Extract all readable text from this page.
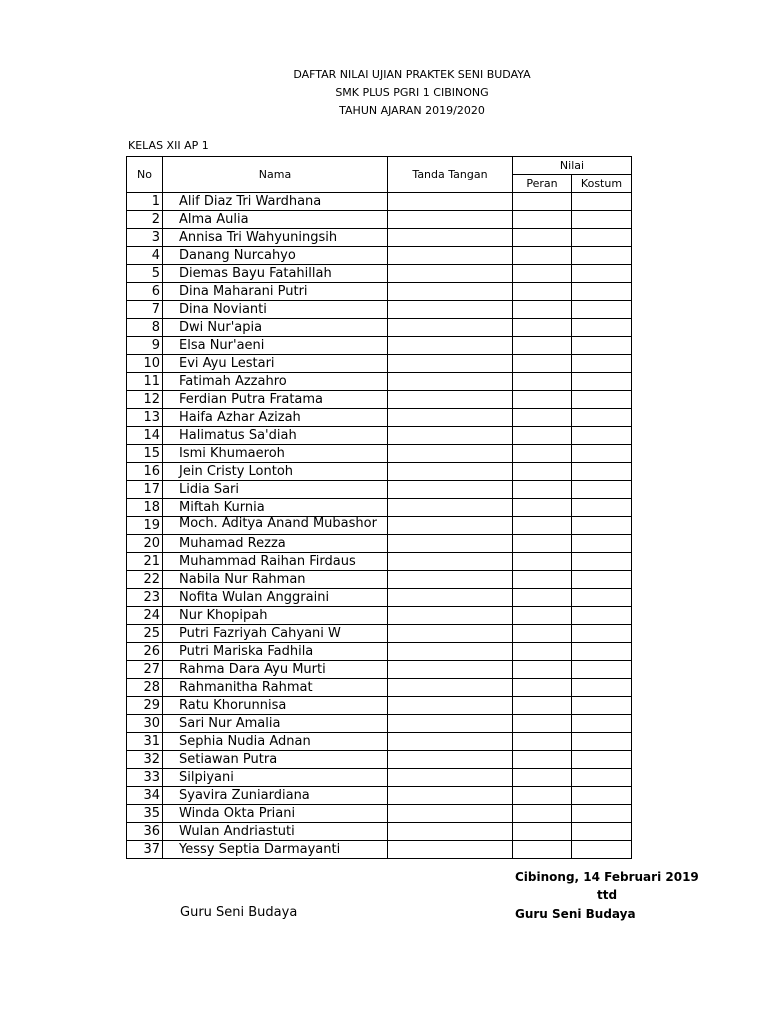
DAFTAR NILAI UJIAN PRAKTEK SENI BUDAYA
SMK PLUS PGRI 1 CIBINONG
TAHUN AJARAN 2019/2020
KELAS XII AP 1
No	Nama	Tanda Tangan	Nilai	
			Peran	Kostum
1	Alif Diaz Tri Wardhana			
2	Alma Aulia			
3	Annisa Tri Wahyuningsih			
4	Danang Nurcahyo			
5	Diemas Bayu Fatahillah			
6	Dina Maharani Putri			
7	Dina Novianti			
8	Dwi Nur'apia			
9	Elsa Nur'aeni			
10	Evi Ayu Lestari			
11	Fatimah Azzahro			
12	Ferdian Putra Fratama			
13	Haifa Azhar Azizah			
14	Halimatus Sa'diah			
15	Ismi Khumaeroh			
16	Jein Cristy Lontoh			
17	Lidia Sari			
18	Miftah Kurnia			
19	Moch. Aditya Anand Mubashor			

20	Muhamad Rezza			
21	Muhammad Raihan Firdaus			
22	Nabila Nur Rahman			
23	Nofita Wulan Anggraini			
24	Nur Khopipah			
25	Putri Fazriyah Cahyani W			
26	Putri Mariska Fadhila			
27	Rahma Dara Ayu Murti			
28	Rahmanitha Rahmat			
29	Ratu Khorunnisa			
30	Sari Nur Amalia			
31	Sephia Nudia Adnan			
32	Setiawan Putra			
33	Silpiyani			
34	Syavira Zuniardiana			
35	Winda Okta Priani			
36	Wulan Andriastuti			
37	Yessy Septia Darmayanti			
Cibinong, 14 Februari 2019
ttd
Guru Seni Budaya	Guru Seni Budaya
